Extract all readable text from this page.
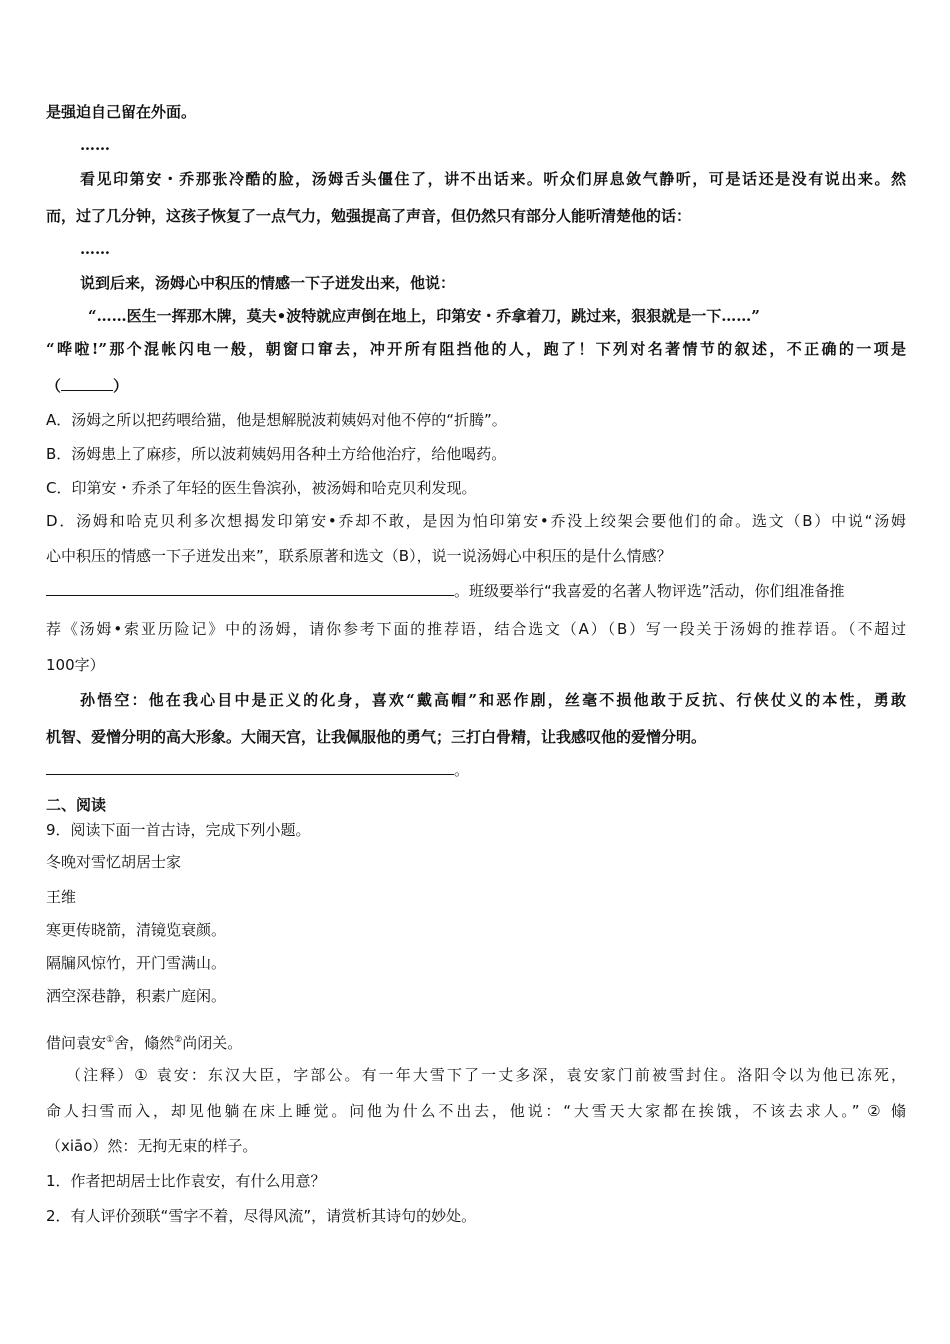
是强迫自己留在外面。
……
看见印第安・乔那张冷酷的脸，汤姆舌头僵住了，讲不出话来。听众们屏息敛气静听，可是话还是没有说出来。然
而，过了几分钟，这孩子恢复了一点气力，勉强提高了声音，但仍然只有部分人能听清楚他的话：
……
说到后来，汤姆心中积压的情感一下子迸发出来，他说：
“……医生一挥那木牌，莫夫•波特就应声倒在地上，印第安・乔拿着刀，跳过来，狠狠就是一下……”
“哗啦!”那个混帐闪电一般，朝窗口窜去，冲开所有阻挡他的人，跑了！下列对名著情节的叙述，不正确的一项是
（	）
A．汤姆之所以把药喂给猫，他是想解脱波莉姨妈对他不停的“折腾”。
B．汤姆患上了麻疹，所以波莉姨妈用各种土方给他治疗，给他喝药。
C．印第安・乔杀了年轻的医生鲁滨孙，被汤姆和哈克贝利发现。
D．汤姆和哈克贝利多次想揭发印第安•乔却不敢，是因为怕印第安•乔没上绞架会要他们的命。选文（B）中说“汤姆
心中积压的情感一下子迸发出来”，联系原著和选文（B），说一说汤姆心中积压的是什么情感？
。班级要举行“我喜爱的名著人物评选”活动，你们组准备推
荐《汤姆•索亚历险记》中的汤姆，请你参考下面的推荐语，结合选文（A）（B）写一段关于汤姆的推荐语。（不超过
100字）
孙悟空：他在我心目中是正义的化身，喜欢“戴高帽”和恶作剧，丝毫不损他敢于反抗、行侠仗义的本性，勇敢
机智、爱憎分明的高大形象。大闹天宫，让我佩服他的勇气；三打白骨精，让我感叹他的爱憎分明。
。
二、阅读
9．阅读下面一首古诗，完成下列小题。
冬晚对雪忆胡居士家
王维
寒更传晓箭，清镜览衰颜。
隔牖风惊竹，开门雪满山。
洒空深巷静，积素广庭闲。
借问袁安①舍，翛然②尚闭关。
（注释）① 袁安：东汉大臣，字部公。有一年大雪下了一丈多深，袁安家门前被雪封住。洛阳令以为他已冻死，
命人扫雪而入，却见他躺在床上睡觉。问他为什么不出去，他说：“大雪天大家都在挨饿，不该去求人。” ② 翛
（xiāo）然：无拘无束的样子。
1．作者把胡居士比作袁安，有什么用意？
2．有人评价颈联“雪字不着，尽得风流”，请赏析其诗句的妙处。
